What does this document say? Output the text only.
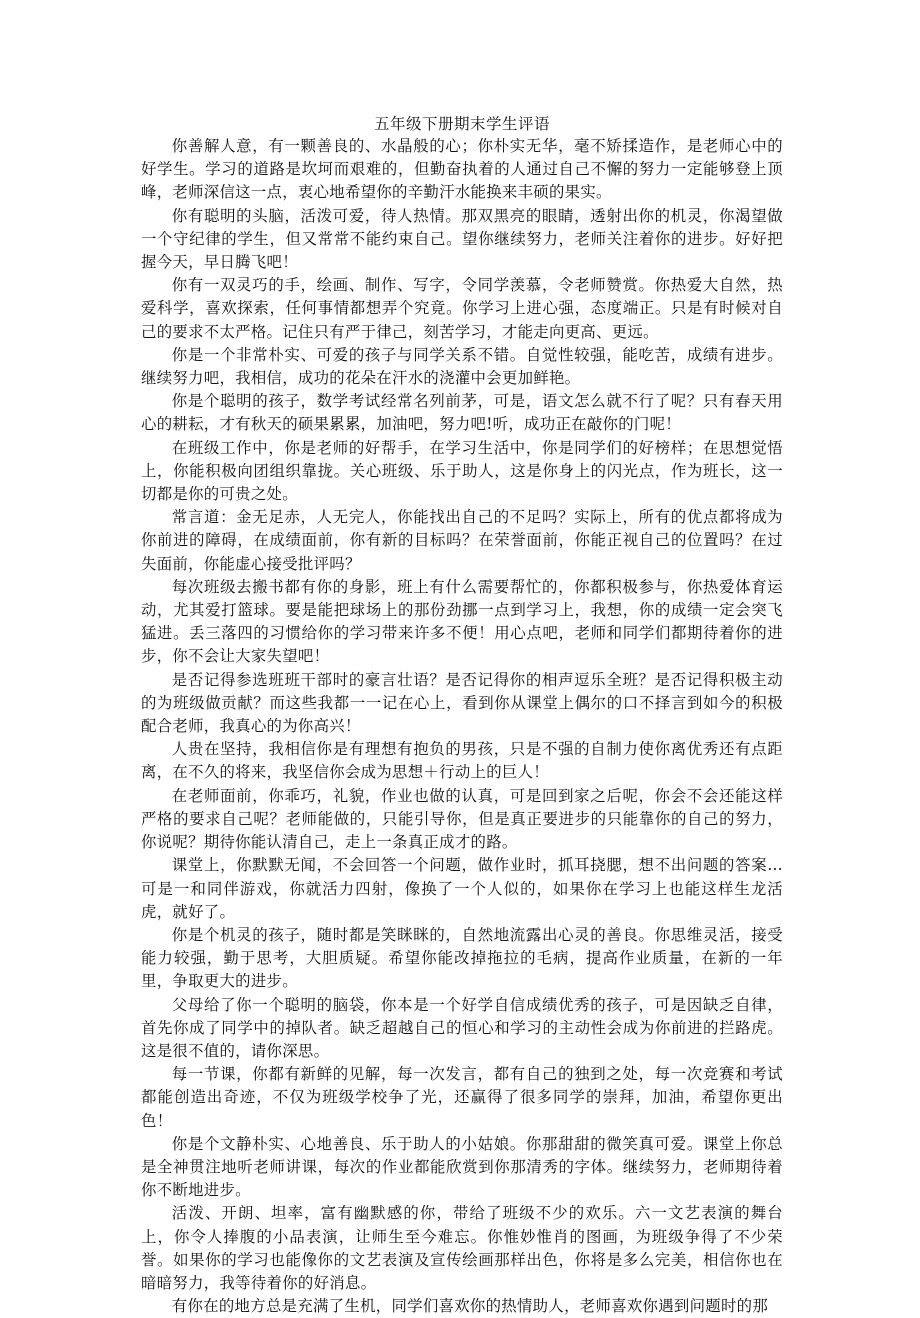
五年级下册期末学生评语

你善解人意，有一颗善良的、水晶般的心；你朴实无华，毫不矫揉造作，是老师心中的好学生。学习的道路是坎坷而艰难的，但勤奋执着的人通过自己不懈的努力一定能够登上顶峰，老师深信这一点，衷心地希望你的辛勤汗水能换来丰硕的果实。

你有聪明的头脑，活泼可爱，待人热情。那双黑亮的眼睛，透射出你的机灵，你渴望做一个守纪律的学生，但又常常不能约束自己。望你继续努力，老师关注着你的进步。好好把握今天，早日腾飞吧！

你有一双灵巧的手，绘画、制作、写字，令同学羡慕，令老师赞赏。你热爱大自然，热爱科学，喜欢探索，任何事情都想弄个究竟。你学习上进心强，态度端正。只是有时候对自己的要求不太严格。记住只有严于律己，刻苦学习，才能走向更高、更远。

你是一个非常朴实、可爱的孩子与同学关系不错。自觉性较强，能吃苦，成绩有进步。继续努力吧，我相信，成功的花朵在汗水的浇灌中会更加鲜艳。

你是个聪明的孩子，数学考试经常名列前茅，可是，语文怎么就不行了呢？只有春天用心的耕耘，才有秋天的硕果累累，加油吧，努力吧!听，成功正在敲你的门呢！

在班级工作中，你是老师的好帮手，在学习生活中，你是同学们的好榜样；在思想觉悟上，你能积极向团组织靠拢。关心班级、乐于助人，这是你身上的闪光点，作为班长，这一切都是你的可贵之处。

常言道：金无足赤，人无完人，你能找出自己的不足吗？实际上，所有的优点都将成为你前进的障碍，在成绩面前，你有新的目标吗？在荣誉面前，你能正视自己的位置吗？在过失面前，你能虚心接受批评吗？

每次班级去搬书都有你的身影，班上有什么需要帮忙的，你都积极参与，你热爱体育运动，尤其爱打篮球。要是能把球场上的那份劲挪一点到学习上，我想，你的成绩一定会突飞猛进。丢三落四的习惯给你的学习带来许多不便！用心点吧，老师和同学们都期待着你的进步，你不会让大家失望吧！

是否记得参选班班干部时的豪言壮语？是否记得你的相声逗乐全班？是否记得积极主动的为班级做贡献？而这些我都一一记在心上，看到你从课堂上偶尔的口不择言到如今的积极配合老师，我真心的为你高兴！

人贵在坚持，我相信你是有理想有抱负的男孩，只是不强的自制力使你离优秀还有点距离，在不久的将来，我坚信你会成为思想＋行动上的巨人！

在老师面前，你乖巧，礼貌，作业也做的认真，可是回到家之后呢，你会不会还能这样严格的要求自己呢？老师能做的，只能引导你，但是真正要进步的只能靠你的自己的努力，你说呢？期待你能认清自己，走上一条真正成才的路。

课堂上，你默默无闻，不会回答一个问题，做作业时，抓耳挠腮，想不出问题的答案…可是一和同伴游戏，你就活力四射，像换了一个人似的，如果你在学习上也能这样生龙活虎，就好了。

你是个机灵的孩子，随时都是笑眯眯的，自然地流露出心灵的善良。你思维灵活，接受能力较强，勤于思考，大胆质疑。希望你能改掉拖拉的毛病，提高作业质量，在新的一年里，争取更大的进步。

父母给了你一个聪明的脑袋，你本是一个好学自信成绩优秀的孩子，可是因缺乏自律，首先你成了同学中的掉队者。缺乏超越自己的恒心和学习的主动性会成为你前进的拦路虎。这是很不值的，请你深思。

每一节课，你都有新鲜的见解，每一次发言，都有自己的独到之处，每一次竞赛和考试都能创造出奇迹，不仅为班级学校争了光，还赢得了很多同学的崇拜，加油，希望你更出色！

你是个文静朴实、心地善良、乐于助人的小姑娘。你那甜甜的微笑真可爱。课堂上你总是全神贯注地听老师讲课，每次的作业都能欣赏到你那清秀的字体。继续努力，老师期待着你不断地进步。

活泼、开朗、坦率，富有幽默感的你，带给了班级不少的欢乐。六一文艺表演的舞台上，你令人捧腹的小品表演，让师生至今难忘。你惟妙惟肖的图画，为班级争得了不少荣誉。如果你的学习也能像你的文艺表演及宣传绘画那样出色，你将是多么完美，相信你也在暗暗努力，我等待着你的好消息。

有你在的地方总是充满了生机，同学们喜欢你的热情助人，老师喜欢你遇到问题时的那
